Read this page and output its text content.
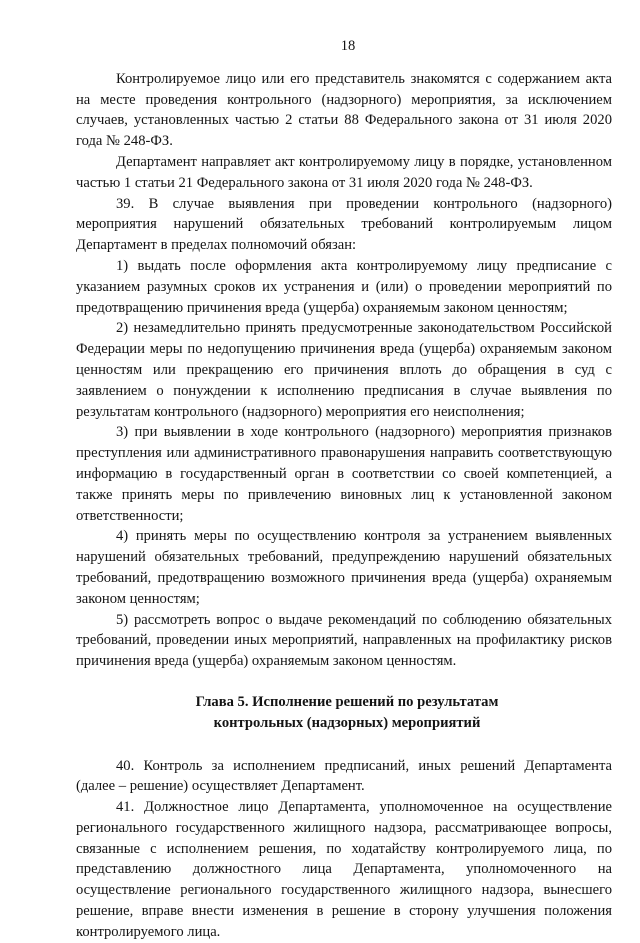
18

Контролируемое лицо или его представитель знакомятся с содержанием акта на месте проведения контрольного (надзорного) мероприятия, за исключением случаев, установленных частью 2 статьи 88 Федерального закона от 31 июля 2020 года № 248-ФЗ.

Департамент направляет акт контролируемому лицу в порядке, установленном частью 1 статьи 21 Федерального закона от 31 июля 2020 года № 248-ФЗ.

39. В случае выявления при проведении контрольного (надзорного) мероприятия нарушений обязательных требований контролируемым лицом Департамент в пределах полномочий обязан:

1) выдать после оформления акта контролируемому лицу предписание с указанием разумных сроков их устранения и (или) о проведении мероприятий по предотвращению причинения вреда (ущерба) охраняемым законом ценностям;

2) незамедлительно принять предусмотренные законодательством Российской Федерации меры по недопущению причинения вреда (ущерба) охраняемым законом ценностям или прекращению его причинения вплоть до обращения в суд с заявлением о понуждении к исполнению предписания в случае выявления по результатам контрольного (надзорного) мероприятия его неисполнения;

3) при выявлении в ходе контрольного (надзорного) мероприятия признаков преступления или административного правонарушения направить соответствующую информацию в государственный орган в соответствии со своей компетенцией, а также принять меры по привлечению виновных лиц к установленной законом ответственности;

4) принять меры по осуществлению контроля за устранением выявленных нарушений обязательных требований, предупреждению нарушений обязательных требований, предотвращению возможного причинения вреда (ущерба) охраняемым законом ценностям;

5) рассмотреть вопрос о выдаче рекомендаций по соблюдению обязательных требований, проведении иных мероприятий, направленных на профилактику рисков причинения вреда (ущерба) охраняемым законом ценностям.

Глава 5. Исполнение решений по результатам

контрольных (надзорных) мероприятий

40. Контроль за исполнением предписаний, иных решений Департамента (далее – решение) осуществляет Департамент.

41. Должностное лицо Департамента, уполномоченное на осуществление регионального государственного жилищного надзора, рассматривающее вопросы, связанные с исполнением решения, по ходатайству контролируемого лица, по представлению должностного лица Департамента, уполномоченного на осуществление регионального государственного жилищного надзора, вынесшего решение, вправе внести изменения в решение в сторону улучшения положения контролируемого лица.
